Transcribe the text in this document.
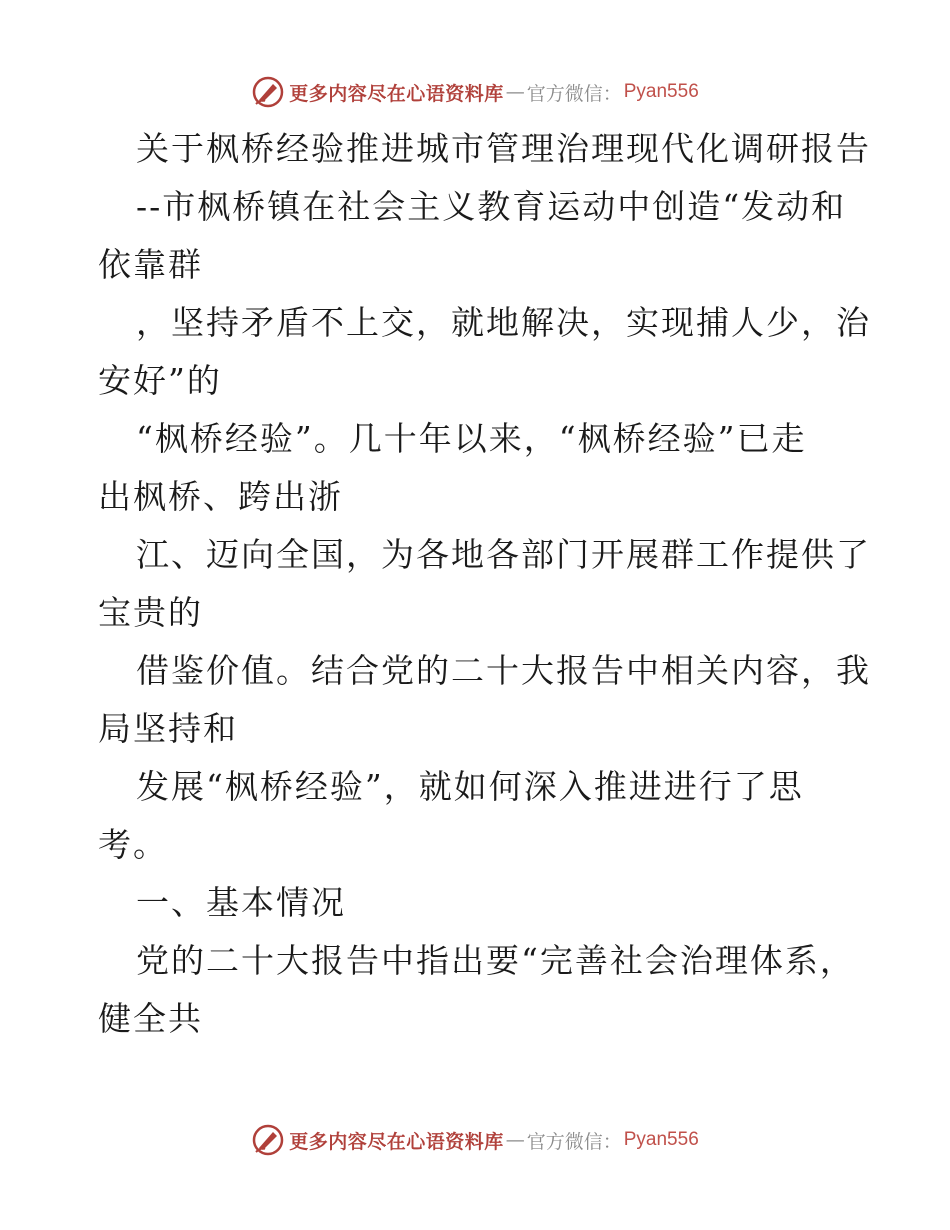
更多内容尽在心语资料库 — 官方微信： Pyan556
关于枫桥经验推进城市管理治理现代化调研报告
--市枫桥镇在社会主义教育运动中创造“发动和
依靠群
，坚持矛盾不上交，就地解决，实现捕人少，治
安好”的
“枫桥经验”。几十年以来，“枫桥经验”已走
出枫桥、跨出浙
江、迈向全国，为各地各部门开展群工作提供了
宝贵的
借鉴价值。结合党的二十大报告中相关内容，我
局坚持和
发展“枫桥经验”，就如何深入推进进行了思
考。
一、基本情况
党的二十大报告中指出要“完善社会治理体系，
健全共
更多内容尽在心语资料库 — 官方微信： Pyan556
